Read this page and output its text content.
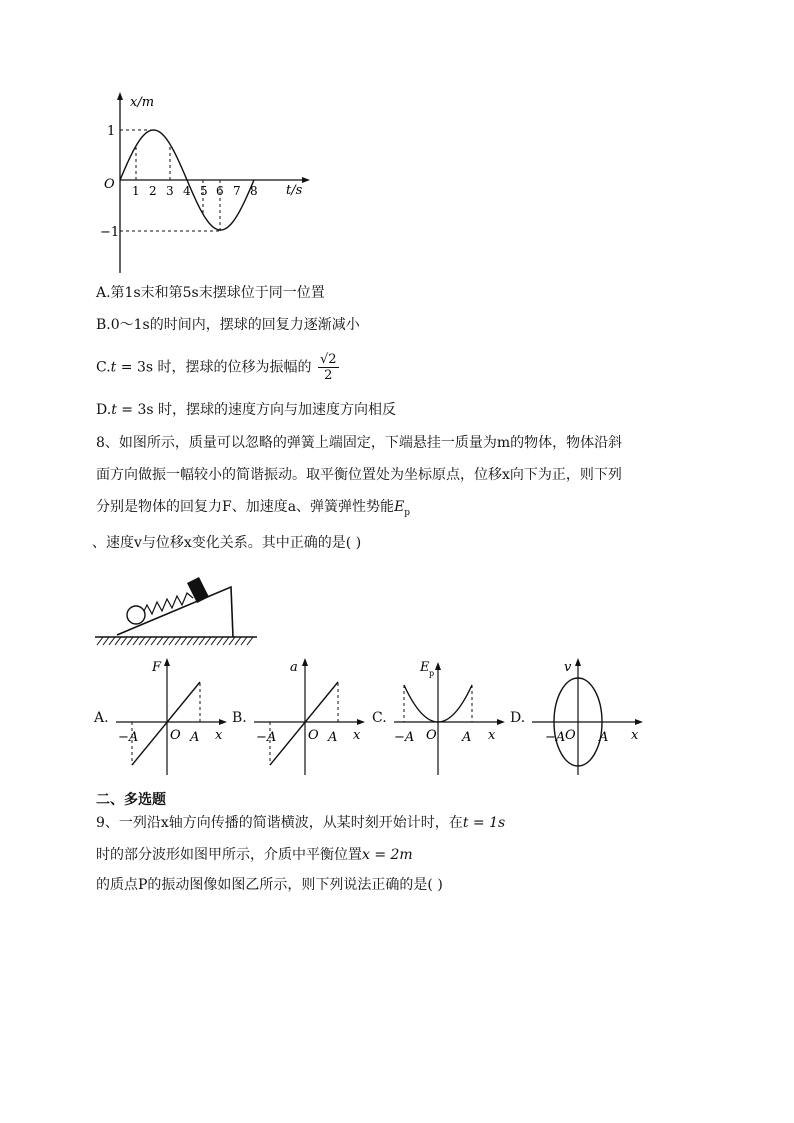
x/m
t/s
O
1
−1
1 2 3 4 5 6 7 8
A.第1s末和第5s末摆球位于同一位置
B.0～1s的时间内，摆球的回复力逐渐减小
C.t = 3s 时，摆球的位移为振幅的 $\frac{√2}{2}$
D.t = 3s 时，摆球的速度方向与加速度方向相反
8、如图所示，质量可以忽略的弹簧上端固定，下端悬挂一质量为m的物体，物体沿斜
面方向做振一幅较小的简谐振动。取平衡位置处为坐标原点，位移x向下为正，则下列
分别是物体的回复力F、加速度a、弹簧弹性势能$E_p$
、速度v与位移x变化关系。其中正确的是( )
A.
F
−A O A x
B.
a
−A O A x
C.
E p
−A O A x
D.
v
−A O A x
二、多选题
9、一列沿x轴方向传播的简谐横波，从某时刻开始计时，在t = 1s
时的部分波形如图甲所示，介质中平衡位置x = 2m
的质点P的振动图像如图乙所示，则下列说法正确的是( )
